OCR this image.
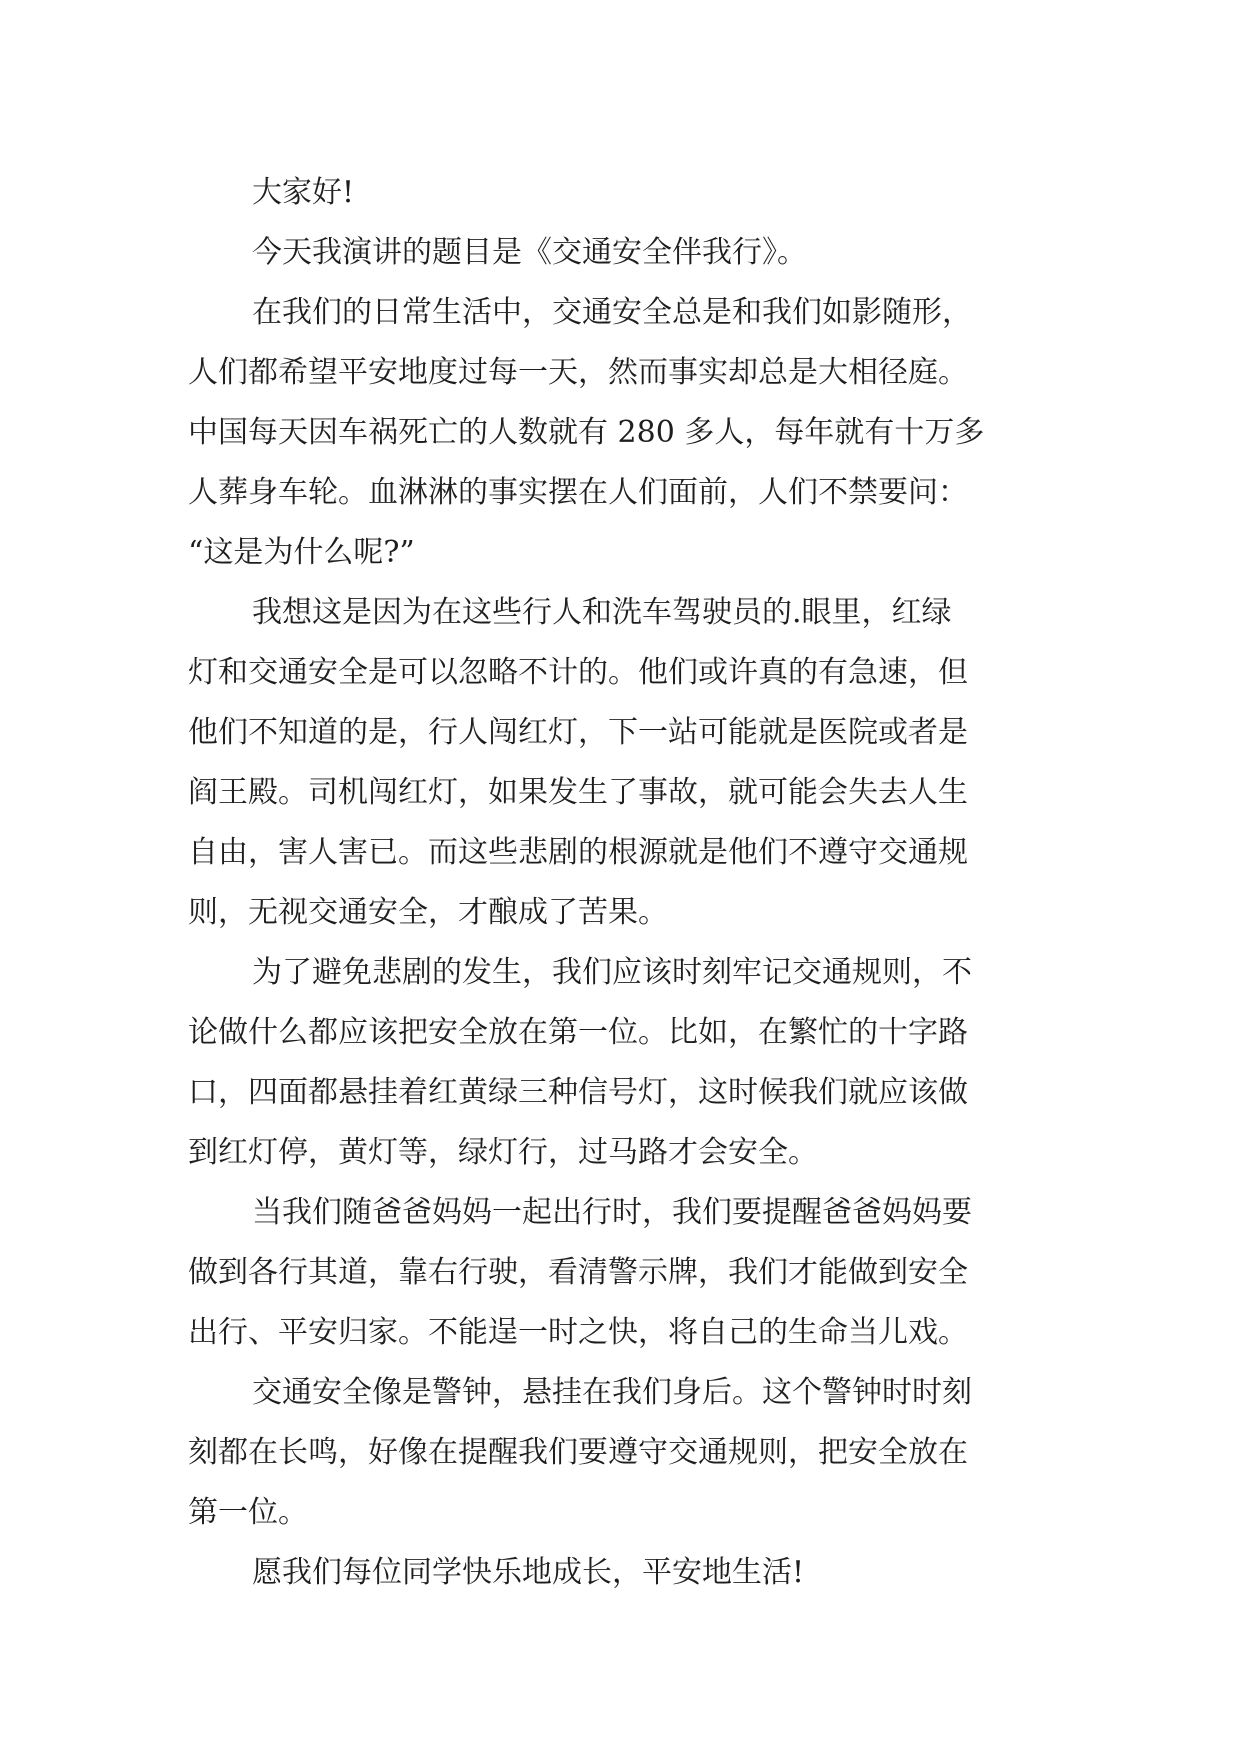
大家好!

今天我演讲的题目是《交通安全伴我行》。

在我们的日常生活中，交通安全总是和我们如影随形，

人们都希望平安地度过每一天，然而事实却总是大相径庭。

中国每天因车祸死亡的人数就有 280 多人，每年就有十万多

人葬身车轮。血淋淋的事实摆在人们面前，人们不禁要问：

“这是为什么呢?”

我想这是因为在这些行人和洗车驾驶员的.眼里，红绿

灯和交通安全是可以忽略不计的。他们或许真的有急速，但

他们不知道的是，行人闯红灯，下一站可能就是医院或者是

阎王殿。司机闯红灯，如果发生了事故，就可能会失去人生

自由，害人害已。而这些悲剧的根源就是他们不遵守交通规

则，无视交通安全，才酿成了苦果。

为了避免悲剧的发生，我们应该时刻牢记交通规则，不

论做什么都应该把安全放在第一位。比如，在繁忙的十字路

口，四面都悬挂着红黄绿三种信号灯，这时候我们就应该做

到红灯停，黄灯等，绿灯行，过马路才会安全。

当我们随爸爸妈妈一起出行时，我们要提醒爸爸妈妈要

做到各行其道，靠右行驶，看清警示牌，我们才能做到安全

出行、平安归家。不能逞一时之快，将自己的生命当儿戏。

交通安全像是警钟，悬挂在我们身后。这个警钟时时刻

刻都在长鸣，好像在提醒我们要遵守交通规则，把安全放在

第一位。

愿我们每位同学快乐地成长，平安地生活!
